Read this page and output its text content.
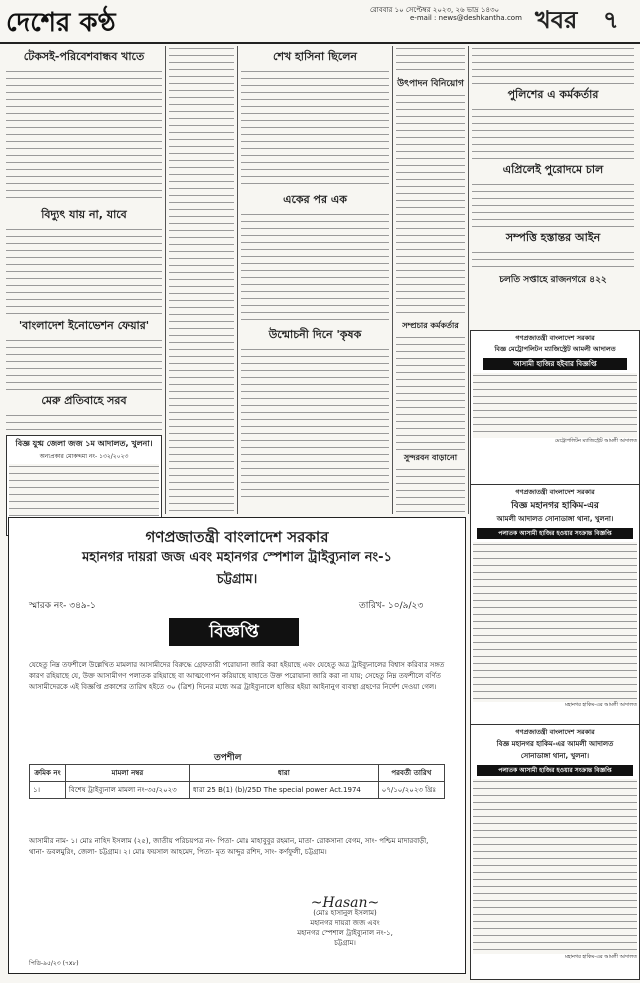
দেশের কণ্ঠ	রোববার ১০ সেপ্টেম্বর ২০২৩, ২৬ ভাদ্র ১৪৩০
e-mail : news@deshkantha.com খবর ৭
টেকসই-পরিবেশবান্ধব খাতে
বিদ্যুৎ যায় না, যাবে
'বাংলাদেশ ইনোভেশন ফেয়ার'
মেরু প্রতিবাহে সরব
বিজ্ঞ যুগ্ম জেলা জজ ১ম আদালত, খুলনা।
অন্যপ্রকার মোকদ্দমা নং- ১৩২/২০২৩
শেখ হাসিনা ছিলেন
একের পর এক
উন্মোচনী দিনে 'কৃষক
উৎপাদন বিনিয়োগ
সম্প্রচার কর্মকর্তার
সুন্দরবন বাড়ানো
পুলিশের এ কর্মকর্তার
এপ্রিলেই পুরোদমে চাল
সম্পত্তি হস্তান্তর আইন
চলতি সপ্তাহে রাজনগরে ৪২২
গণপ্রজাতন্ত্রী বাংলাদেশ সরকার
বিজ্ঞ মেট্রোপলিটন ম্যাজিস্ট্রেট আমলী আদালত
আসামী হাজির হইবার বিজ্ঞপ্তি
মেট্রোপলিটন ম্যাজিস্ট্রেট আমলী আদালত
গণপ্রজাতন্ত্রী বাংলাদেশ সরকার
বিজ্ঞ মহানগর হাকিম-এর
আমলী আদালত সোনাডাঙ্গা থানা, খুলনা।
পলাতক আসামী হাজির হওয়ার সংক্রান্ত বিজ্ঞপ্তি
মহানগর হাকিম-এর আমলী আদালত
গণপ্রজাতন্ত্রী বাংলাদেশ সরকার
বিজ্ঞ মহানগর হাকিম-এর আমলী আদালত
সোনাডাঙ্গা থানা, খুলনা।
পলাতক আসামী হাজির হওয়ার সংক্রান্ত বিজ্ঞপ্তি
মহানগর হাকিম-এর আমলী আদালত
গণপ্রজাতন্ত্রী বাংলাদেশ সরকার
মহানগর দায়রা জজ এবং মহানগর স্পেশাল ট্রাইব্যুনাল নং-১
চট্টগ্রাম।
স্মারক নং- ৩৪৯-১	তারিখ- ১০/৯/২৩
বিজ্ঞপ্তি
যেহেতু নিম্ন তফশীলে উল্লেখিত মামলার আসামীদের বিরুদ্ধে গ্রেফতারী পরোয়ানা জারি করা হইয়াছে এবং যেহেতু অত্র ট্রাইব্যুনালের বিশ্বাস করিবার সঙ্গত কারণ রহিয়াছে যে, উক্ত আসামীগণ পলাতক রহিয়াছে বা আত্মগোপন করিয়াছে যাহাতে উক্ত পরোয়ানা জারি করা না যায়; সেহেতু নিম্ন তফশীলে বর্ণিত আসামীদেরকে এই বিজ্ঞপ্তি প্রকাশের তারিখ হইতে ৩০ (ত্রিশ) দিনের মধ্যে অত্র ট্রাইব্যুনালে হাজির হইয়া আইনানুগ ব্যবস্থা গ্রহণের নির্দেশ দেওয়া গেল।
তপশীল
ক্রমিক নং	মামলা নম্বর	ধারা	পরবর্তী তারিখ
১।	বিশেষ ট্রাইব্যুনাল মামলা নং-৩৫/২০২৩	ধারা 25 B(1) (b)/25D The special power Act.1974	০৭/১০/২০২৩ খ্রিঃ
আসামীর নাম- ১। মোঃ নাহিদ ইসলাম (২৫), জাতীয় পরিচয়পত্র নং- পিতা- মোঃ মাহাবুবুর রহমান, মাতা- রোকসানা বেগম, সাং- পশ্চিম মাদারবাড়ী, থানা- ডবলমুরিং, জেলা- চট্টগ্রাম। ২। মোঃ ফয়সাল আহমেদ, পিতা- মৃত আব্দুর রশিদ, সাং- কর্ণফুলী, চট্টগ্রাম।
~Hasan~
(মোঃ হাসানুল ইসলাম)
মহানগর দায়রা জজ এবং
মহানগর স্পেশাল ট্রাইব্যুনাল নং-১,
চট্টগ্রাম।
পিডি-৯৫/২৩ (৭x৮)
